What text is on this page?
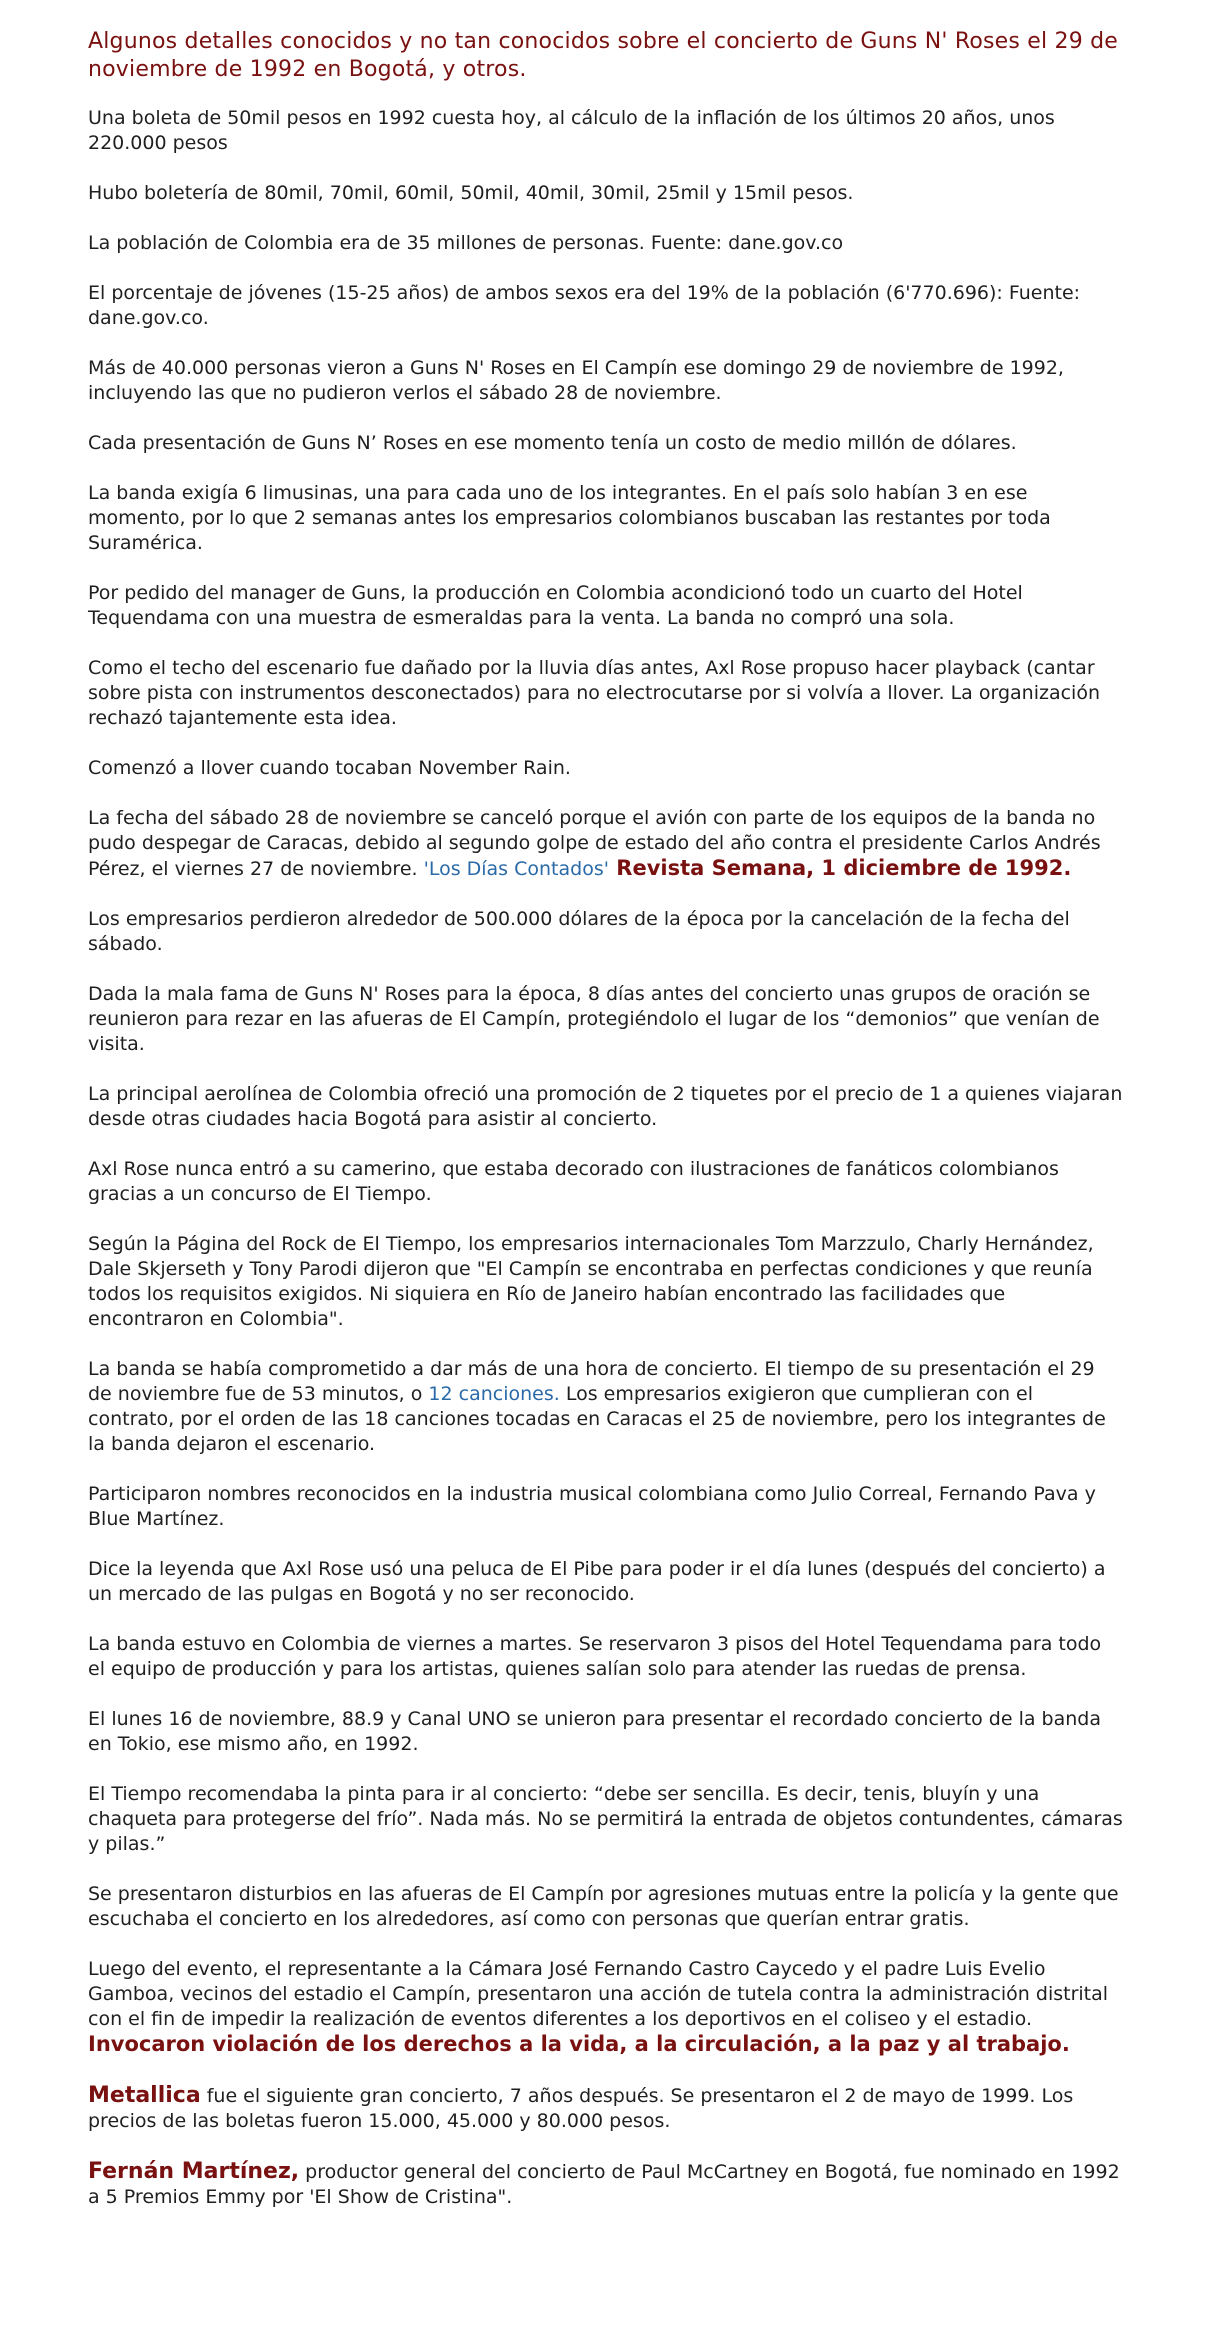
Algunos detalles conocidos y no tan conocidos sobre el concierto de Guns N' Roses el 29 de noviembre de 1992 en Bogotá, y otros.

Una boleta de 50mil pesos en 1992 cuesta hoy, al cálculo de la inflación de los últimos 20 años, unos 220.000 pesos

Hubo boletería de 80mil, 70mil, 60mil, 50mil, 40mil, 30mil, 25mil y 15mil pesos.

La población de Colombia era de 35 millones de personas. Fuente: dane.gov.co

El porcentaje de jóvenes (15-25 años) de ambos sexos era del 19% de la población (6'770.696): Fuente: dane.gov.co.

Más de 40.000 personas vieron a Guns N' Roses en El Campín ese domingo 29 de noviembre de 1992, incluyendo las que no pudieron verlos el sábado 28 de noviembre.

Cada presentación de Guns N’ Roses en ese momento tenía un costo de medio millón de dólares.

La banda exigía 6 limusinas, una para cada uno de los integrantes. En el país solo habían 3 en ese momento, por lo que 2 semanas antes los empresarios colombianos buscaban las restantes por toda Suramérica.

Por pedido del manager de Guns, la producción en Colombia acondicionó todo un cuarto del Hotel Tequendama con una muestra de esmeraldas para la venta. La banda no compró una sola.

Como el techo del escenario fue dañado por la lluvia días antes, Axl Rose propuso hacer playback (cantar sobre pista con instrumentos desconectados) para no electrocutarse por si volvía a llover. La organización rechazó tajantemente esta idea.

Comenzó a llover cuando tocaban November Rain.

La fecha del sábado 28 de noviembre se canceló porque el avión con parte de los equipos de la banda no pudo despegar de Caracas, debido al segundo golpe de estado del año contra el presidente Carlos Andrés Pérez, el viernes 27 de noviembre. 'Los Días Contados' Revista Semana, 1 diciembre de 1992.

Los empresarios perdieron alrededor de 500.000 dólares de la época por la cancelación de la fecha del sábado.

Dada la mala fama de Guns N' Roses para la época, 8 días antes del concierto unas grupos de oración se reunieron para rezar en las afueras de El Campín, protegiéndolo el lugar de los “demonios” que venían de visita.

La principal aerolínea de Colombia ofreció una promoción de 2 tiquetes por el precio de 1 a quienes viajaran desde otras ciudades hacia Bogotá para asistir al concierto.

Axl Rose nunca entró a su camerino, que estaba decorado con ilustraciones de fanáticos colombianos gracias a un concurso de El Tiempo.

Según la Página del Rock de El Tiempo, los empresarios internacionales Tom Marzzulo, Charly Hernández, Dale Skjerseth y Tony Parodi dijeron que "El Campín se encontraba en perfectas condiciones y que reunía todos los requisitos exigidos. Ni siquiera en Río de Janeiro habían encontrado las facilidades que encontraron en Colombia".

La banda se había comprometido a dar más de una hora de concierto. El tiempo de su presentación el 29 de noviembre fue de 53 minutos, o 12 canciones. Los empresarios exigieron que cumplieran con el contrato, por el orden de las 18 canciones tocadas en Caracas el 25 de noviembre, pero los integrantes de la banda dejaron el escenario.

Participaron nombres reconocidos en la industria musical colombiana como Julio Correal, Fernando Pava y Blue Martínez.

Dice la leyenda que Axl Rose usó una peluca de El Pibe para poder ir el día lunes (después del concierto) a un mercado de las pulgas en Bogotá y no ser reconocido.

La banda estuvo en Colombia de viernes a martes. Se reservaron 3 pisos del Hotel Tequendama para todo el equipo de producción y para los artistas, quienes salían solo para atender las ruedas de prensa.

El lunes 16 de noviembre, 88.9 y Canal UNO se unieron para presentar el recordado concierto de la banda en Tokio, ese mismo año, en 1992.

El Tiempo recomendaba la pinta para ir al concierto: “debe ser sencilla. Es decir, tenis, bluyín y una chaqueta para protegerse del frío”. Nada más. No se permitirá la entrada de objetos contundentes, cámaras y pilas.”

Se presentaron disturbios en las afueras de El Campín por agresiones mutuas entre la policía y la gente que escuchaba el concierto en los alrededores, así como con personas que querían entrar gratis.

Luego del evento, el representante a la Cámara José Fernando Castro Caycedo y el padre Luis Evelio Gamboa, vecinos del estadio el Campín, presentaron una acción de tutela contra la administración distrital con el fin de impedir la realización de eventos diferentes a los deportivos en el coliseo y el estadio. Invocaron violación de los derechos a la vida, a la circulación, a la paz y al trabajo.

Metallica fue el siguiente gran concierto, 7 años después. Se presentaron el 2 de mayo de 1999. Los precios de las boletas fueron 15.000, 45.000 y 80.000 pesos.

Fernán Martínez, productor general del concierto de Paul McCartney en Bogotá, fue nominado en 1992 a 5 Premios Emmy por 'El Show de Cristina".
